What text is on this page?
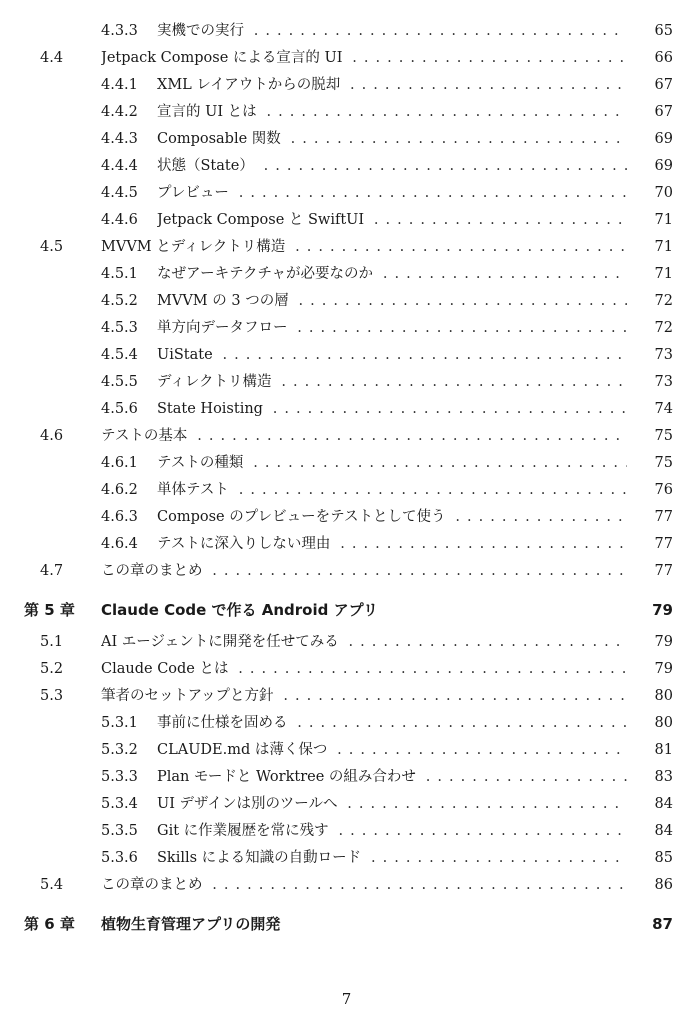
4.3.3 実機での実行 . . .	65
4.4	Jetpack Compose による宣言的 UI . . .	66
4.4.1 XML レイアウトからの脱却 . . .	67
4.4.2 宣言的 UI とは . . .	67
4.4.3 Composable 関数 . . .	69
4.4.4 状態（State） . . .	69
4.4.5 プレビュー . . .	70
4.4.6 Jetpack Compose と SwiftUI . . .	71
4.5	MVVM とディレクトリ構造 . . .	71
4.5.1 なぜアーキテクチャが必要なのか . . .	71
4.5.2 MVVM の 3 つの層 . . .	72
4.5.3 単方向データフロー . . .	72
4.5.4 UiState . . .	73
4.5.5 ディレクトリ構造 . . .	73
4.5.6 State Hoisting . . .	74
4.6	テストの基本 . . .	75
4.6.1 テストの種類 . . .	75
4.6.2 単体テスト . . .	76
4.6.3 Compose のプレビューをテストとして使う . . .	77
4.6.4 テストに深入りしない理由 . . .	77
4.7	この章のまとめ . . .	77
第 5 章 Claude Code で作る Android アプリ	79
5.1	AI エージェントに開発を任せてみる . . .	79
5.2	Claude Code とは . . .	79
5.3	筆者のセットアップと方針 . . .	80
5.3.1 事前に仕様を固める . . .	80
5.3.2 CLAUDE.md は薄く保つ . . .	81
5.3.3 Plan モードと Worktree の組み合わせ . . .	83
5.3.4 UI デザインは別のツールへ . . .	84
5.3.5 Git に作業履歴を常に残す . . .	84
5.3.6 Skills による知識の自動ロード . . .	85
5.4	この章のまとめ . . .	86
第 6 章 植物生育管理アプリの開発	87
7
